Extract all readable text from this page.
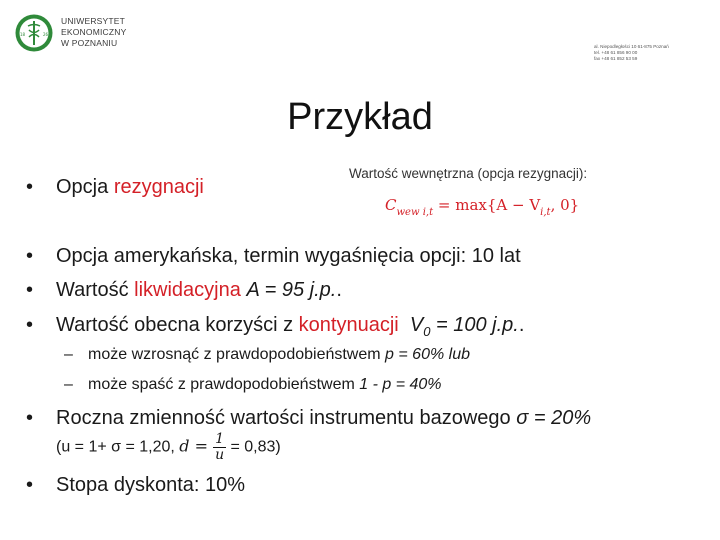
18	26
UNIWERSYTET
EKONOMICZNY
W POZNANIU	al. Niepodległości 10 61-875 Poznań
tel. +48 61 856 90 00
fax +48 61 852 53 59
Przykład
• Opcja rezygnacji
Wartość wewnętrzna (opcja rezygnacji):
$C_{wew i,t} = \max\{A - V_{i,t}$, 0}
• Opcja amerykańska, termin wygaśnięcia opcji: 10 lat
• Wartość likwidacyjna A = 95 j.p..
• Wartość obecna korzyści z kontynuacji $V_0 = 100$ j.p..
– może wzrosnąć z prawdopodobieństwem p = 60% lub
– może spaść z prawdopodobieństwem 1 - p = 40%
• Roczna zmienność wartości instrumentu bazowego σ = 20%
(u = 1+ σ = 1,20, $d = \frac{1}{u} = 0,83$)
• Stopa dyskonta: 10%
